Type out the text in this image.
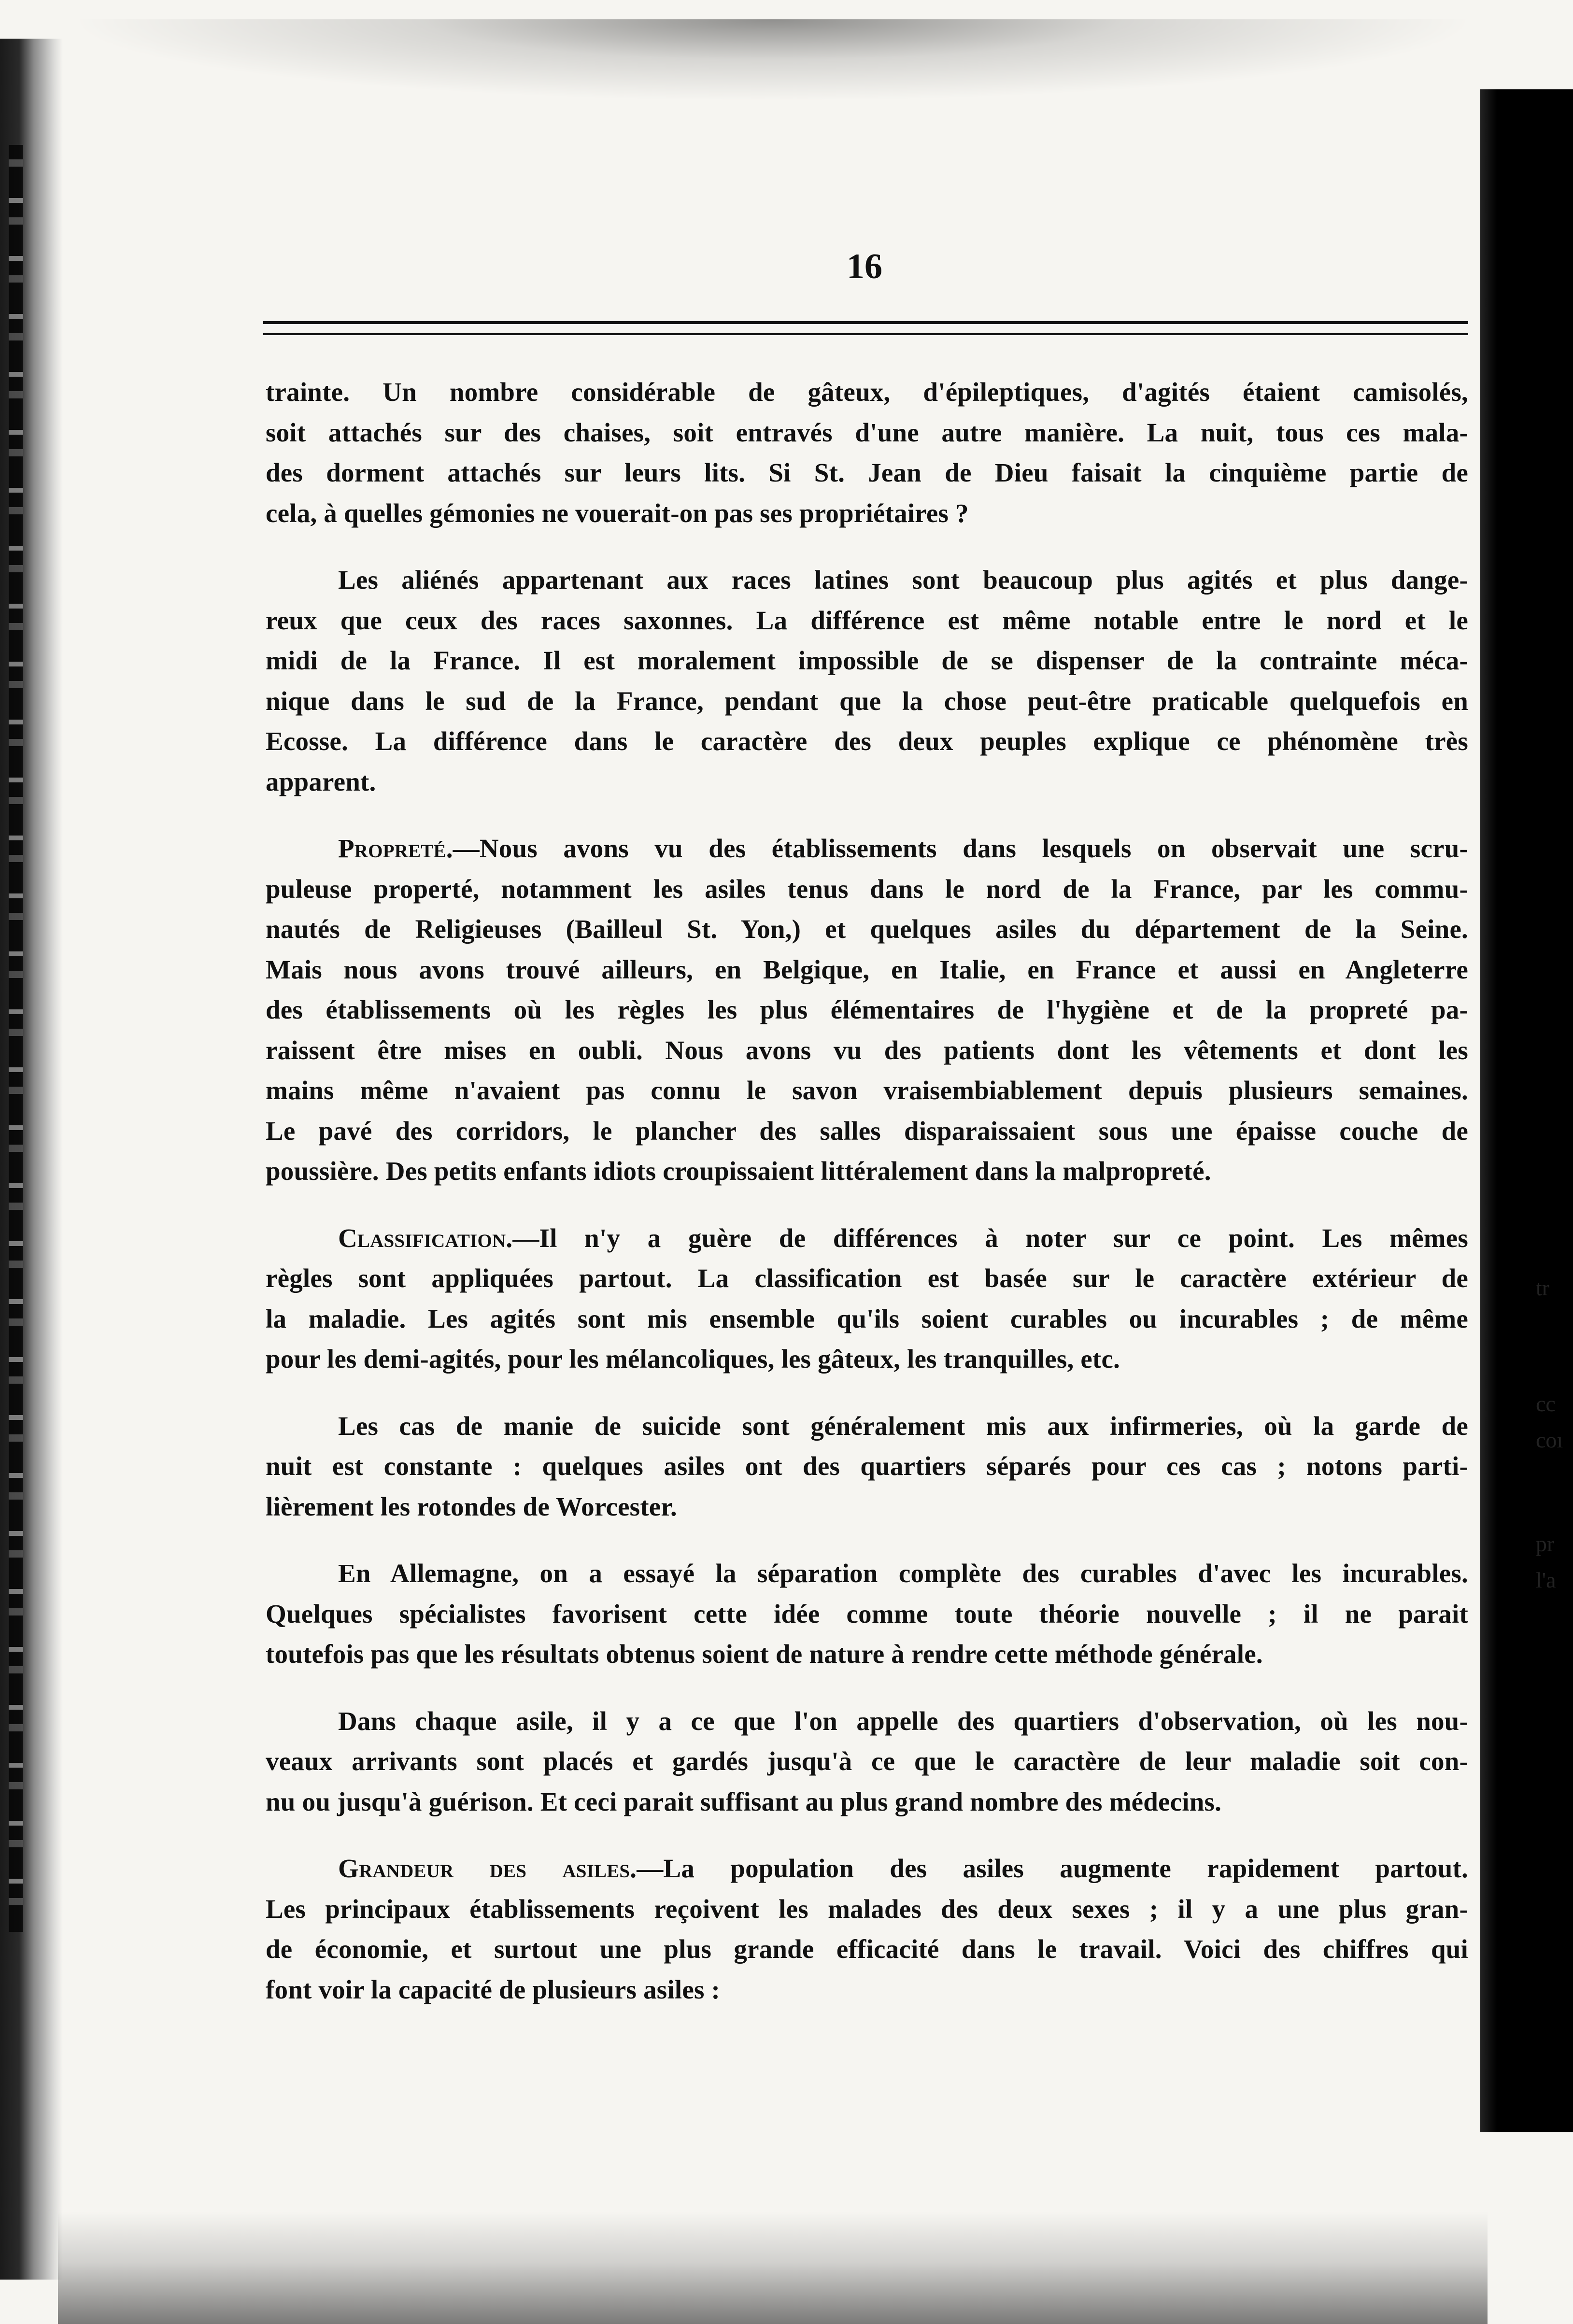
tr
cc
coı
pr
l'a
16
trainte. Un nombre considérable de gâteux, d'épileptiques, d'agités étaient camisolés,
soit attachés sur des chaises, soit entravés d'une autre manière. La nuit, tous ces mala-
des dorment attachés sur leurs lits. Si St. Jean de Dieu faisait la cinquième partie de
cela, à quelles gémonies ne vouerait-on pas ses propriétaires ?
Les aliénés appartenant aux races latines sont beaucoup plus agités et plus dange-
reux que ceux des races saxonnes. La différence est même notable entre le nord et le
midi de la France. Il est moralement impossible de se dispenser de la contrainte méca-
nique dans le sud de la France, pendant que la chose peut-être praticable quelquefois en
Ecosse. La différence dans le caractère des deux peuples explique ce phénomène très
apparent.
Propreté.—Nous avons vu des établissements dans lesquels on observait une scru-
puleuse properté, notamment les asiles tenus dans le nord de la France, par les commu-
nautés de Religieuses (Bailleul St. Yon,) et quelques asiles du département de la Seine.
Mais nous avons trouvé ailleurs, en Belgique, en Italie, en France et aussi en Angleterre
des établissements où les règles les plus élémentaires de l'hygiène et de la propreté pa-
raissent être mises en oubli. Nous avons vu des patients dont les vêtements et dont les
mains même n'avaient pas connu le savon vraisembiablement depuis plusieurs semaines.
Le pavé des corridors, le plancher des salles disparaissaient sous une épaisse couche de
poussière. Des petits enfants idiots croupissaient littéralement dans la malpropreté.
Classification.—Il n'y a guère de différences à noter sur ce point. Les mêmes
règles sont appliquées partout. La classification est basée sur le caractère extérieur de
la maladie. Les agités sont mis ensemble qu'ils soient curables ou incurables ; de même
pour les demi-agités, pour les mélancoliques, les gâteux, les tranquilles, etc.
Les cas de manie de suicide sont généralement mis aux infirmeries, où la garde de
nuit est constante : quelques asiles ont des quartiers séparés pour ces cas ; notons parti-
lièrement les rotondes de Worcester.
En Allemagne, on a essayé la séparation complète des curables d'avec les incurables.
Quelques spécialistes favorisent cette idée comme toute théorie nouvelle ; il ne parait
toutefois pas que les résultats obtenus soient de nature à rendre cette méthode générale.
Dans chaque asile, il y a ce que l'on appelle des quartiers d'observation, où les nou-
veaux arrivants sont placés et gardés jusqu'à ce que le caractère de leur maladie soit con-
nu ou jusqu'à guérison. Et ceci parait suffisant au plus grand nombre des médecins.
Grandeur des asiles.—La population des asiles augmente rapidement partout.
Les principaux établissements reçoivent les malades des deux sexes ; il y a une plus gran-
de économie, et surtout une plus grande efficacité dans le travail. Voici des chiffres qui
font voir la capacité de plusieurs asiles :
